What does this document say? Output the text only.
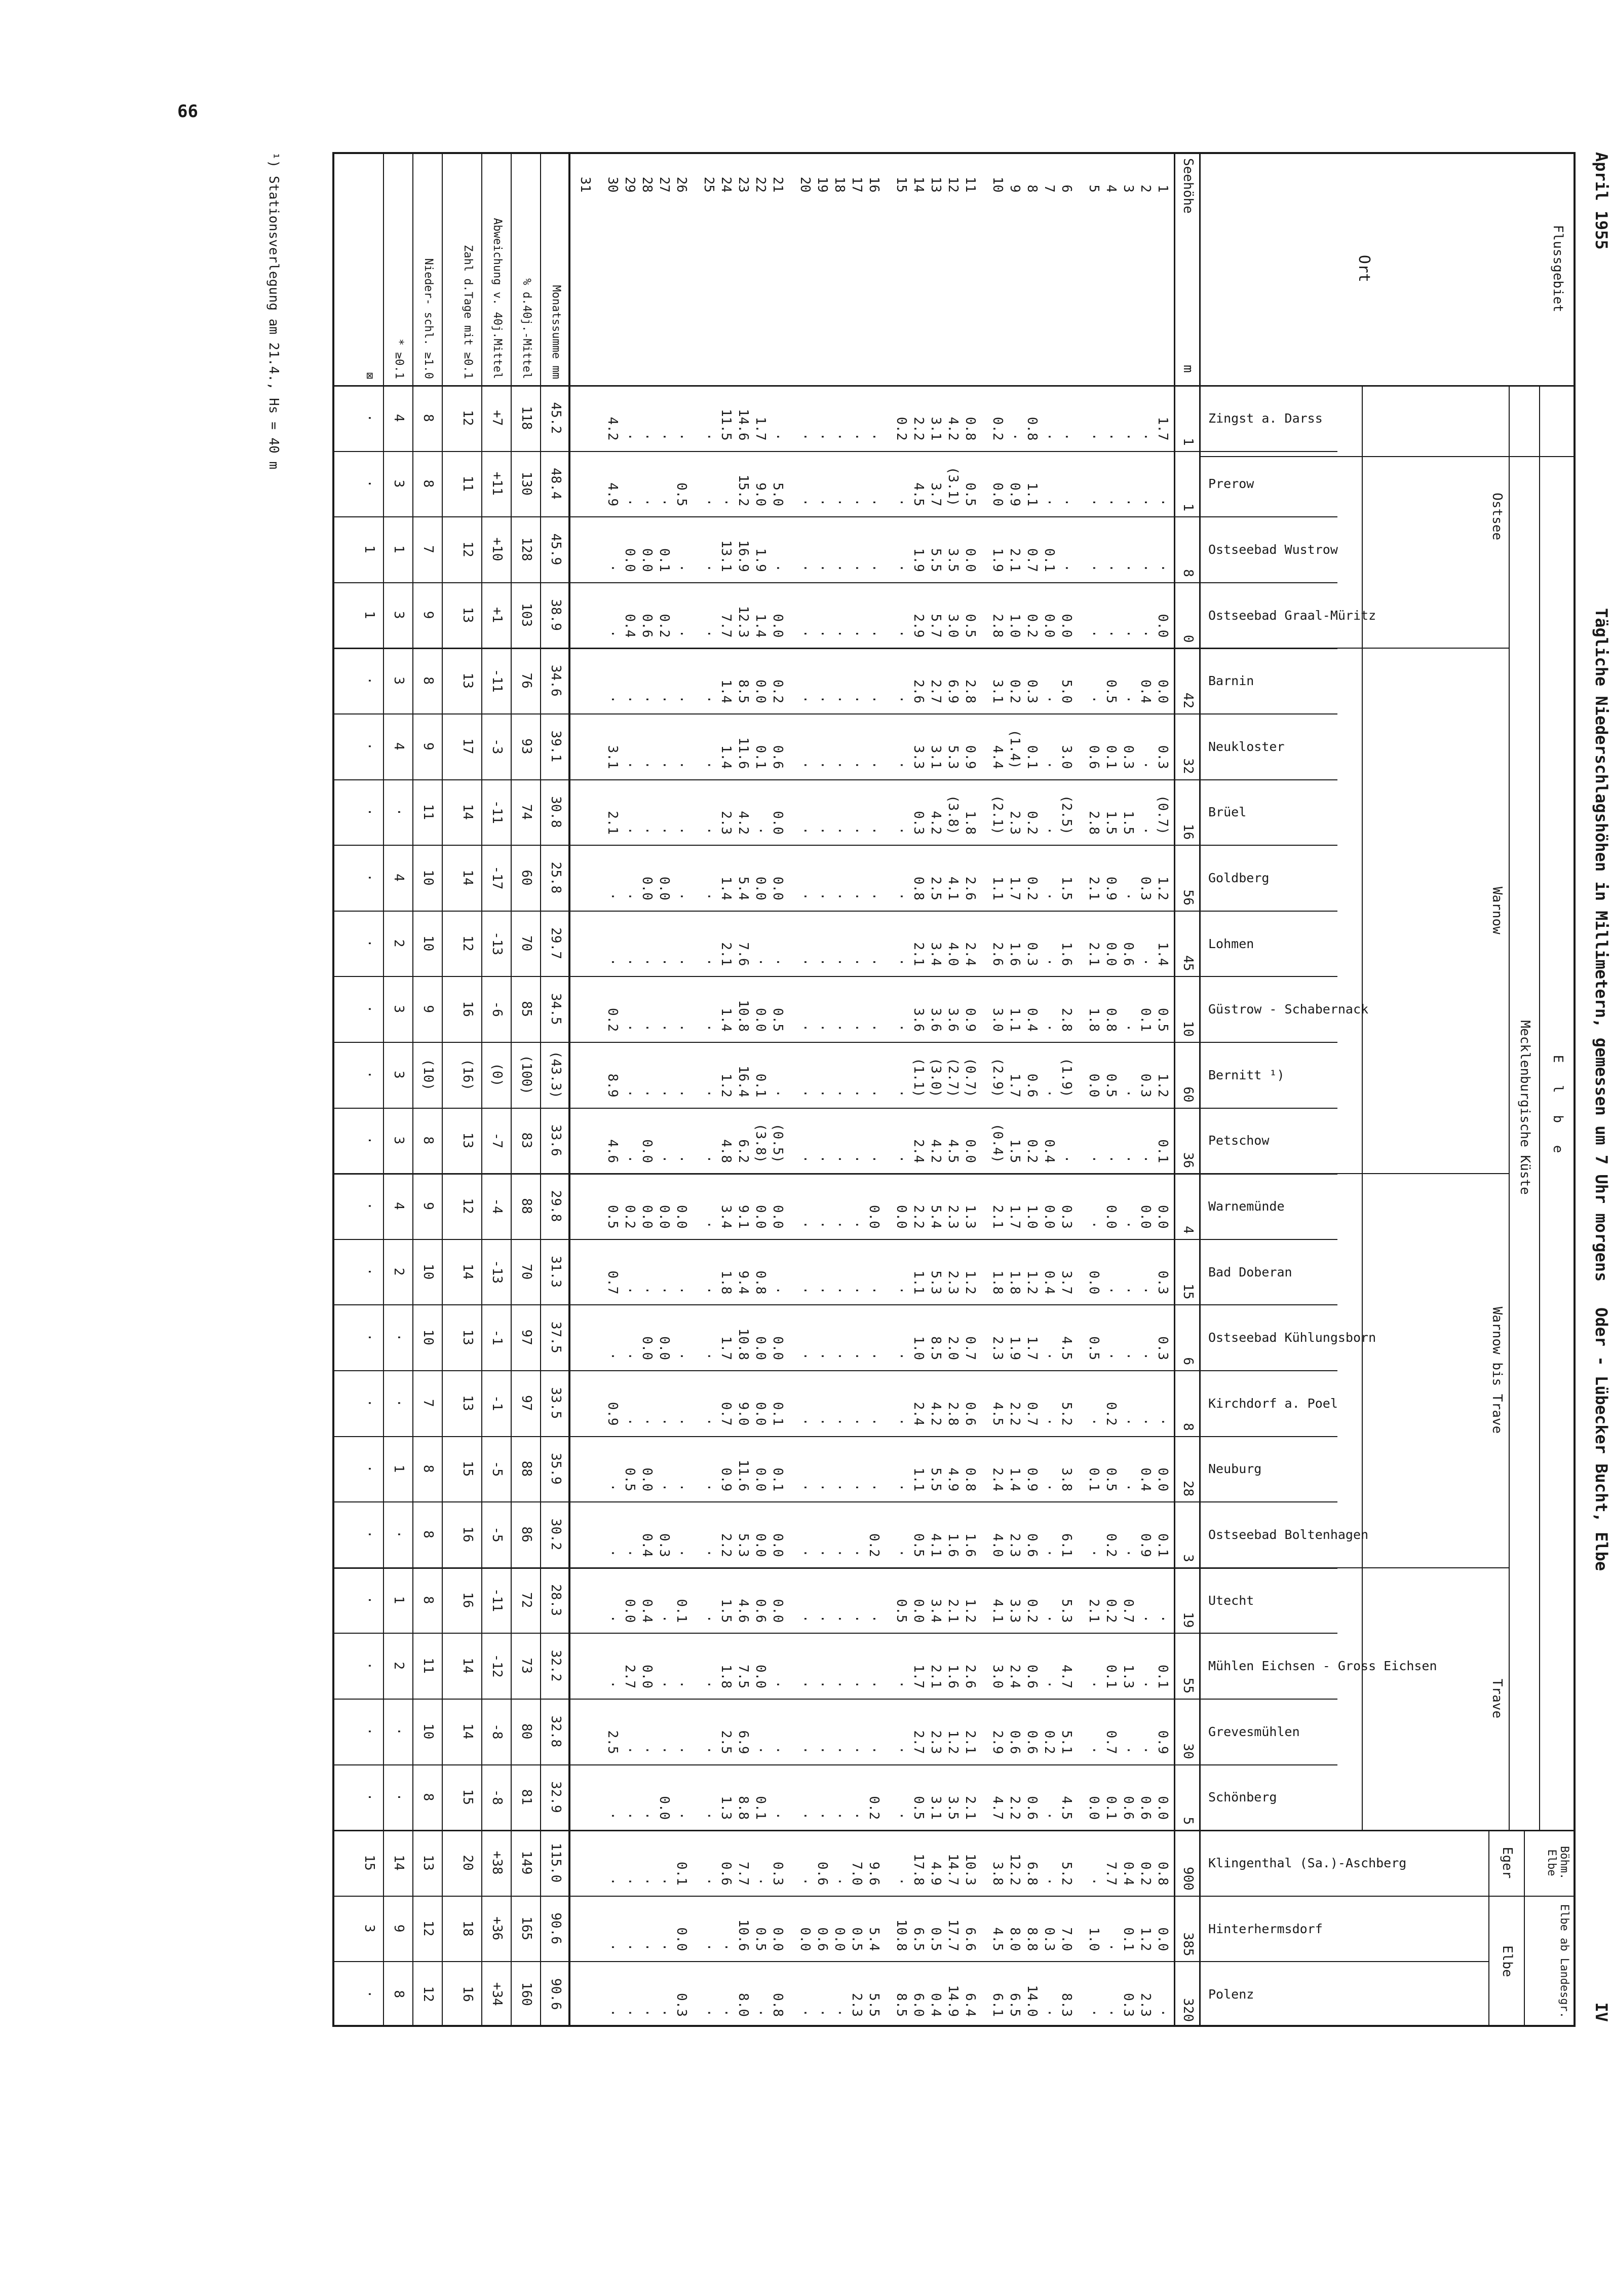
66
April 1955
Tägliche Niederschlagshöhen in Millimetern, gemessen um 7 Uhr morgens
Oder - Lübecker Bucht, Elbe
IV
Flussgebiet
Ort
E l b e
Mecklenburgische Küste
Ostsee
Warnow
Warnow bis Trave
Trave
Böhm. Elbe
Eger
Elbe ab Landesgr.
Elbe
Zingst a. Darss
1
Prerow
1
Ostseebad Wustrow
8
Ostseebad Graal-Müritz
0
Barnin
42
Neukloster
32
Brüel
16
Goldberg
56
Lohmen
45
Güstrow - Schabernack
10
Bernitt ¹)
60
Petschow
36
Warnemünde
4
Bad Doberan
15
Ostseebad Kühlungsborn
6
Kirchdorf a. Poel
8
Neuburg
28
Ostseebad Boltenhagen
3
Utecht
19
Mühlen Eichsen - Gross Eichsen
55
Grevesmühlen
30
Schönberg
5
Klingenthal (Sa.)-Aschberg
900
Hinterhermsdorf
385
Polenz
320
Seehöhe
m
1
1.7
·
·
0.0
0.0
0.3
(0.7)
1.2
1.4
0.5
1.2
0.1
0.0
0.3
0.3
·
0.0
0.1
·
0.1
0.9
0.0
0.8
0.0
·
2
·
·
·
·
0.4
·
·
0.3
·
0.1
0.3
·
0.0
·
·
·
0.4
0.9
·
·
·
0.6
0.2
1.2
2.3
3
·
·
·
·
·
0.3
1.5
·
0.6
·
·
·
·
·
·
·
·
·
0.7
1.3
·
0.6
0.4
0.1
0.3
4
·
·
·
·
0.5
0.1
1.5
0.9
0.0
0.8
0.5
·
0.0
·
·
0.2
0.5
0.2
0.2
0.1
0.7
0.1
7.7
·
·
5
·
·
·
·
·
0.6
2.8
2.1
2.1
1.8
0.0
·
·
0.0
0.5
·
0.1
·
2.1
·
·
0.0
·
1.0
·
6
·
·
·
0.0
5.0
3.0
(2.5)
1.5
1.6
2.8
(1.9)
·
0.3
3.7
4.5
5.2
3.8
6.1
5.3
4.7
5.1
4.5
5.2
7.0
8.3
7
·
·
0.1
0.0
·
·
·
·
·
·
·
0.4
0.0
0.4
·
·
·
·
·
·
0.2
·
·
0.3
·
8
0.8
1.1
0.7
0.2
0.3
0.1
0.2
0.2
0.3
0.4
0.6
0.2
1.0
1.2
1.7
0.7
0.9
0.6
0.2
0.6
0.6
0.6
6.8
8.8
14.0
9
·
0.9
2.1
1.0
0.2
(1.4)
2.3
1.7
1.6
1.1
1.7
1.5
1.7
1.8
1.9
2.2
1.4
2.3
3.3
2.4
0.6
2.2
12.2
8.0
6.5
10
0.2
0.0
1.9
2.8
3.1
4.4
(2.1)
1.1
2.6
3.0
(2.9)
(0.4)
2.1
1.8
2.3
4.5
2.4
4.0
4.1
3.0
2.9
4.7
3.8
4.5
6.1
11
0.8
0.5
0.0
0.5
2.8
0.9
1.8
2.6
2.4
0.9
(0.7)
0.0
1.3
1.2
0.7
0.6
0.8
1.6
1.2
2.6
2.1
2.1
10.3
6.6
6.4
12
4.2
(3.1)
3.5
3.0
6.9
5.3
(3.8)
4.1
4.0
3.6
(2.7)
4.5
2.3
2.3
2.0
2.8
4.9
1.6
2.1
1.6
1.2
3.5
14.7
17.7
14.9
13
3.1
3.7
5.5
5.7
2.7
3.1
4.2
2.5
3.4
3.6
(3.0)
4.2
5.4
5.3
8.5
4.2
5.5
4.1
3.4
2.1
2.3
3.1
4.9
0.5
0.4
14
2.2
4.5
1.9
2.9
2.6
3.3
0.3
0.8
2.1
3.6
(1.1)
2.4
2.2
1.1
1.0
2.4
1.1
0.5
0.0
1.7
2.7
0.5
17.8
6.5
6.0
15
0.2
·
·
·
·
·
·
·
·
·
·
·
0.0
·
·
·
·
·
0.5
·
·
·
·
10.8
8.5
16
·
·
·
·
·
·
·
·
·
·
·
·
0.0
·
·
·
·
0.2
·
·
·
0.2
9.6
5.4
5.5
17
·
·
·
·
·
·
·
·
·
·
·
·
·
·
·
·
·
·
·
·
·
·
7.0
0.5
2.3
18
·
·
·
·
·
·
·
·
·
·
·
·
·
·
·
·
·
·
·
·
·
·
·
0.0
·
19
·
·
·
·
·
·
·
·
·
·
·
·
·
·
·
·
·
·
·
·
·
·
0.6
0.6
·
20
·
·
·
·
·
·
·
·
·
·
·
·
·
·
·
·
·
·
·
·
·
·
·
0.0
·
21
·
5.0
·
0.0
0.2
0.6
0.0
0.0
·
0.5
·
(0.5)
0.0
·
0.0
0.1
0.1
0.0
0.0
·
·
·
0.3
0.0
0.8
22
1.7
9.0
1.9
1.4
0.0
0.1
·
0.0
·
0.0
0.1
(3.8)
0.0
0.8
0.0
0.0
0.0
0.0
0.6
0.0
·
0.1
·
0.5
·
23
14.6
15.2
16.9
12.3
8.5
11.6
4.2
5.4
7.6
10.8
16.4
6.2
9.1
9.4
10.8
9.0
11.6
5.3
4.6
7.5
6.9
8.8
7.7
10.6
8.0
24
11.5
·
13.1
7.7
1.4
1.4
2.3
1.4
2.1
1.4
1.2
4.8
3.4
1.8
1.7
0.7
0.9
2.2
1.5
1.8
2.5
1.3
0.6
·
·
25
·
·
·
·
·
·
·
·
·
·
·
·
·
·
·
·
·
·
·
·
·
·
·
·
·
26
·
0.5
·
·
·
·
·
·
·
·
·
·
0.0
·
·
·
·
·
0.1
·
·
·
0.1
0.0
0.3
27
·
·
0.1
0.2
·
·
·
0.0
·
·
·
·
0.0
·
0.0
·
·
0.3
·
·
·
0.0
·
·
·
28
·
·
0.0
0.6
·
·
·
0.0
·
·
·
0.0
0.0
·
0.0
·
0.0
0.4
0.4
0.0
·
·
·
·
·
29
·
·
0.0
0.4
·
·
·
·
·
·
·
·
0.2
·
·
·
0.5
·
0.0
2.7
·
·
·
·
·
30
4.2
4.9
·
·
·
3.1
2.1
·
·
0.2
8.9
4.6
0.5
0.7
·
0.9
·
·
·
·
2.5
·
·
·
·
31
Monatssumme mm
45.2
48.4
45.9
38.9
34.6
39.1
30.8
25.8
29.7
34.5
(43.3)
33.6
29.8
31.3
37.5
33.5
35.9
30.2
28.3
32.2
32.8
32.9
115.0
90.6
90.6
% d.40j.-Mittel
118
130
128
103
76
93
74
60
70
85
(100)
83
88
70
97
97
88
86
72
73
80
81
149
165
160
Abweichung v. 40j.Mittel
+7
+11
+10
+1
-11
-3
-11
-17
-13
-6
(0)
-7
-4
-13
-1
-1
-5
-5
-11
-12
-8
-8
+38
+36
+34
Zahl d.Tage mit ≥0.1
12
11
12
13
13
17
14
14
12
16
(16)
13
12
14
13
13
15
16
16
14
14
15
20
18
16
Nieder- schl. ≥1.0
8
8
7
9
8
9
11
10
10
9
(10)
8
9
10
10
7
8
8
8
11
10
8
13
12
12
* ≥0.1
4
3
1
3
3
4
·
4
2
3
3
3
4
2
·
·
1
·
1
2
·
·
14
9
8
⊠
·
·
1
1
·
·
·
·
·
·
·
·
·
·
·
·
·
·
·
·
·
·
15
3
·
¹) Stationsverlegung am 21.4., Hs = 40 m
